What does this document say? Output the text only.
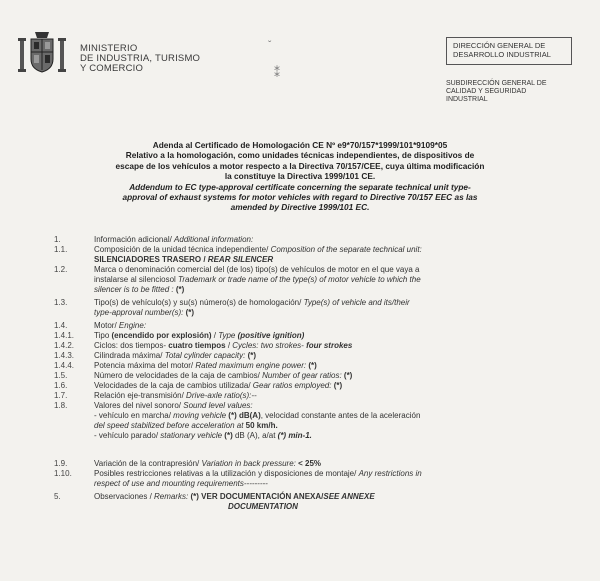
MINISTERIO
DE INDUSTRIA, TURISMO
Y COMERCIO
ˇ
⁑
DIRECCIÓN GENERAL DE
DESARROLLO INDUSTRIAL
SUBDIRECCIÓN GENERAL DE
CALIDAD Y SEGURIDAD
INDUSTRIAL
Adenda al Certificado de Homologación CE Nº e9*70/157*1999/101*9109*05
Relativo a la homologación, como unidades técnicas independientes, de dispositivos de
escape de los vehículos a motor respecto a la Directiva 70/157/CEE, cuya última modificación
la constituye la Directiva 1999/101 CE.
Addendum to EC type-approval certificate concerning the separate technical unit type-
approval of exhaust systems for motor vehicles with regard to Directive 70/157 EEC as las
amended by Directive 1999/101 EC.
1.	Información adicional/ Additional information:
1.1.	Composición de la unidad técnica independiente/ Composition of the separate technical unit:
SILENCIADORES TRASERO / REAR SILENCER
1.2.	Marca o denominación comercial del (de los) tipo(s) de vehículos de motor en el que vaya a
instalarse al silenciosol Trademark or trade name of the type(s) of motor vehicle to which the
silencer is to be fitted : (*)
1.3.	Tipo(s) de vehículo(s) y su(s) número(s) de homologación/ Type(s) of vehicle and its/their
type-approval number(s): (*)
1.4.	Motor/ Engine:
1.4.1.	Tipo (encendido por explosión) / Type (positive ignition)
1.4.2.	Ciclos: dos tiempos- cuatro tiempos / Cycles: two strokes- four strokes
1.4.3.	Cilindrada máxima/ Total cylinder capacity: (*)
1.4.4.	Potencia máxima del motor/ Rated maximum engine power: (*)
1.5.	Número de velocidades de la caja de cambios/ Number of gear ratios: (*)
1.6.	Velocidades de la caja de cambios utilizada/ Gear ratios employed: (*)
1.7.	Relación eje-transmisión/ Drive-axle ratio(s):--
1.8.	Valores del nivel sonoro/ Sound level values:
- vehículo en marcha/ moving vehicle (*) dB(A), velocidad constante antes de la aceleración
del speed stabilized before acceleration at 50 km/h.
- vehículo parado/ stationary vehicle (*) dB (A), a/at (*) min-1.
1.9.	Variación de la contrapresión/ Variation in back pressure: < 25%
1.10.	Posibles restricciones relativas a la utilización y disposiciones de montaje/ Any restrictions in
respect of use and mounting requirements---------
5.	Observaciones / Remarks: (*) VER DOCUMENTACIÓN ANEXA/SEE ANNEXE
DOCUMENTATION
